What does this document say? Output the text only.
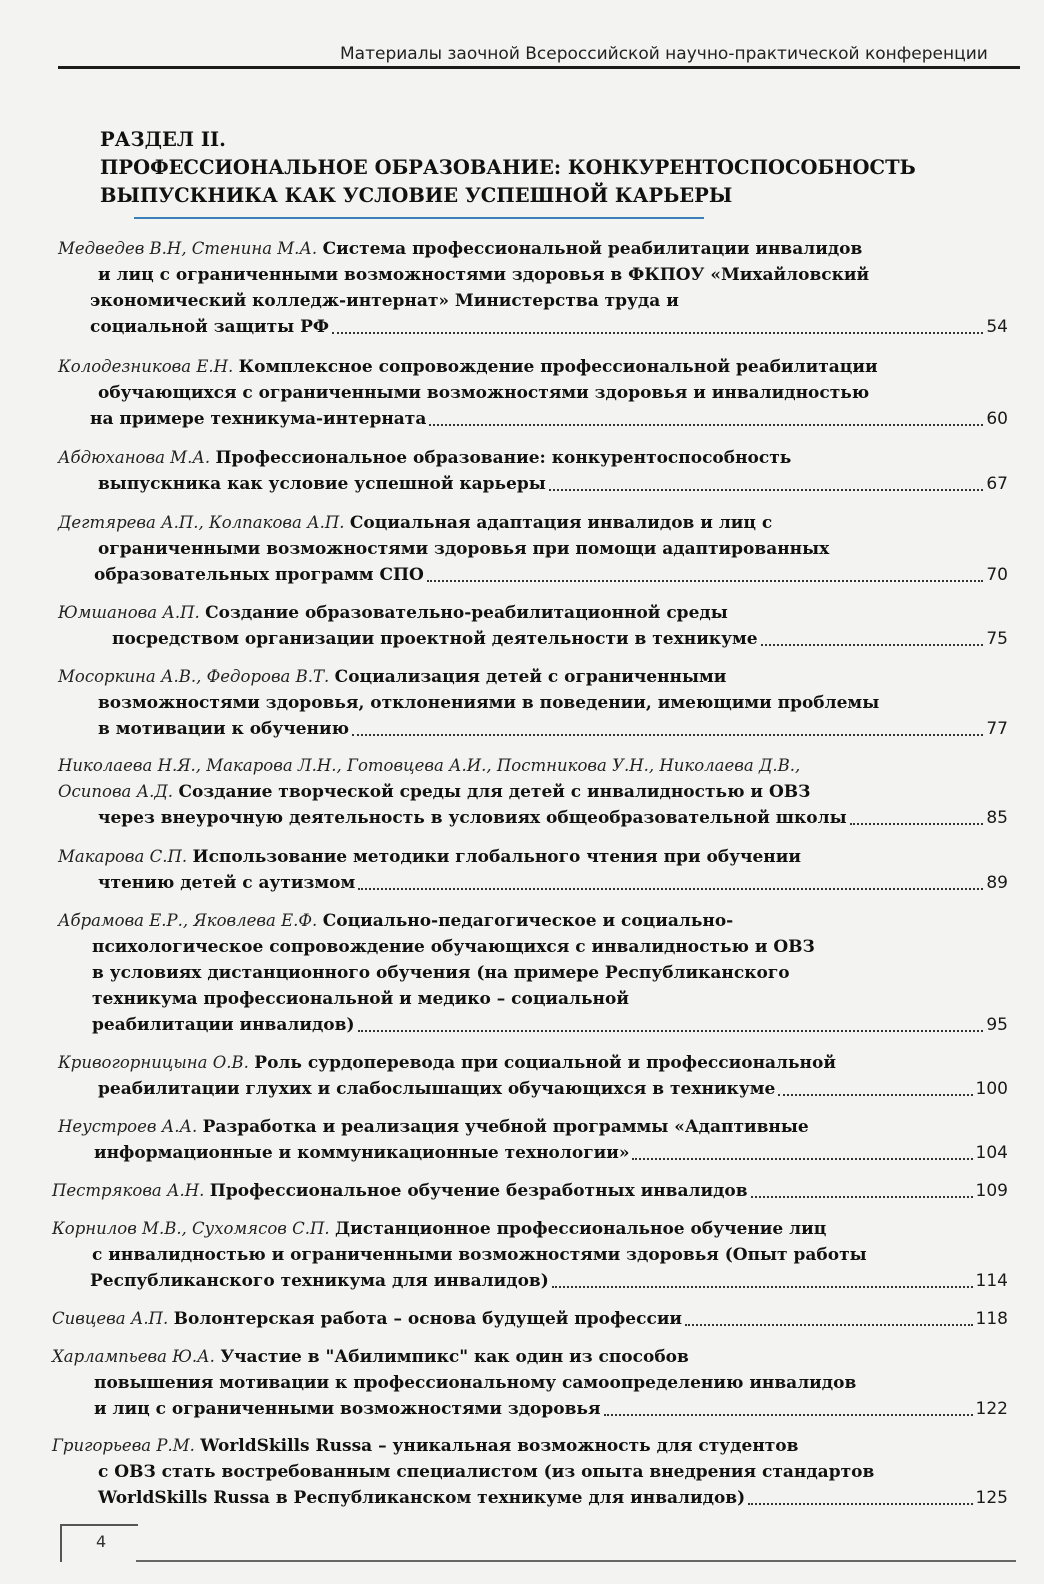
Материалы заочной Всероссийской научно-практической конференции
РАЗДЕЛ II.
ПРОФЕССИОНАЛЬНОЕ ОБРАЗОВАНИЕ: КОНКУРЕНТОСПОСОБНОСТЬ
ВЫПУСКНИКА КАК УСЛОВИЕ УСПЕШНОЙ КАРЬЕРЫ
Медведев В.Н, Стенина М.А. Система профессиональной реабилитации инвалидов
и лиц с ограниченными возможностями здоровья в ФКПОУ «Михайловский
экономический колледж-интернат» Министерства труда и
социальной защиты РФ	54
Колодезникова Е.Н. Комплексное сопровождение профессиональной реабилитации
обучающихся с ограниченными возможностями здоровья и инвалидностью
на примере техникума-интерната	60
Абдюханова М.А. Профессиональное образование: конкурентоспособность
выпускника как условие успешной карьеры	67
Дегтярева А.П., Колпакова А.П. Социальная адаптация инвалидов и лиц с
ограниченными возможностями здоровья при помощи адаптированных
образовательных программ СПО	70
Юмшанова А.П. Создание образовательно-реабилитационной среды
посредством организации проектной деятельности в техникуме	75
Мосоркина А.В., Федорова В.Т. Социализация детей с ограниченными
возможностями здоровья, отклонениями в поведении, имеющими проблемы
в мотивации к обучению	77
Николаева Н.Я., Макарова Л.Н., Готовцева А.И., Постникова У.Н., Николаева Д.В.,
Осипова А.Д. Создание творческой среды для детей с инвалидностью и ОВЗ
через внеурочную деятельность в условиях общеобразовательной школы	85
Макарова С.П. Использование методики глобального чтения при обучении
чтению детей с аутизмом	89
Абрамова Е.Р., Яковлева Е.Ф. Социально-педагогическое и социально-
психологическое сопровождение обучающихся с инвалидностью и ОВЗ
в условиях дистанционного обучения (на примере Республиканского
техникума профессиональной и медико – социальной
реабилитации инвалидов)	95
Кривогорницына О.В. Роль сурдоперевода при социальной и профессиональной
реабилитации глухих и слабослышащих обучающихся в техникуме	100
Неустроев А.А. Разработка и реализация учебной программы «Адаптивные
информационные и коммуникационные технологии»	104
Пестрякова А.Н. Профессиональное обучение безработных инвалидов	109
Корнилов М.В., Сухомясов С.П. Дистанционное профессиональное обучение лиц
с инвалидностью и ограниченными возможностями здоровья (Опыт работы
Республиканского техникума для инвалидов)	114
Сивцева А.П. Волонтерская работа – основа будущей профессии	118
Харлампьева Ю.А. Участие в "Абилимпикс" как один из способов
повышения мотивации к профессиональному самоопределению инвалидов
и лиц с ограниченными возможностями здоровья	122
Григорьева Р.М. WorldSkills Russa – уникальная возможность для студентов
с ОВЗ стать востребованным специалистом (из опыта внедрения стандартов
WorldSkills Russa в Республиканском техникуме для инвалидов)	125
4
